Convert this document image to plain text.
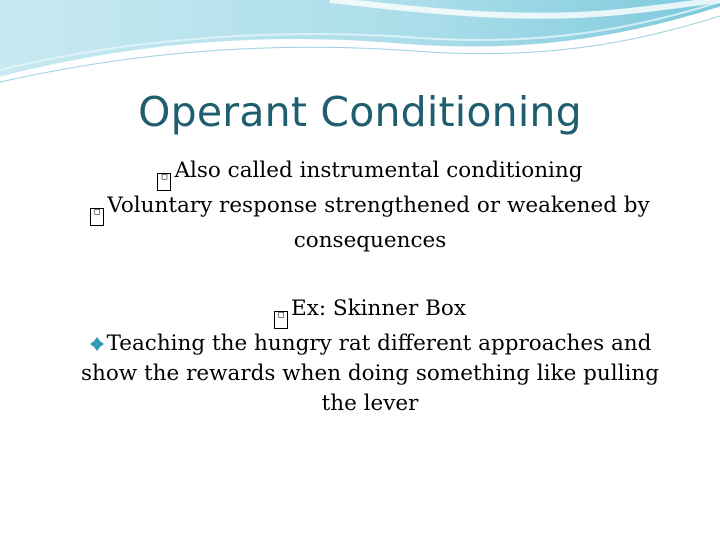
Operant Conditioning

□ Also called instrumental conditioning

□ Voluntary response strengthened or weakened by consequences

□ Ex: Skinner Box

Teaching the hungry rat different approaches and show the rewards when doing something like pulling the lever
